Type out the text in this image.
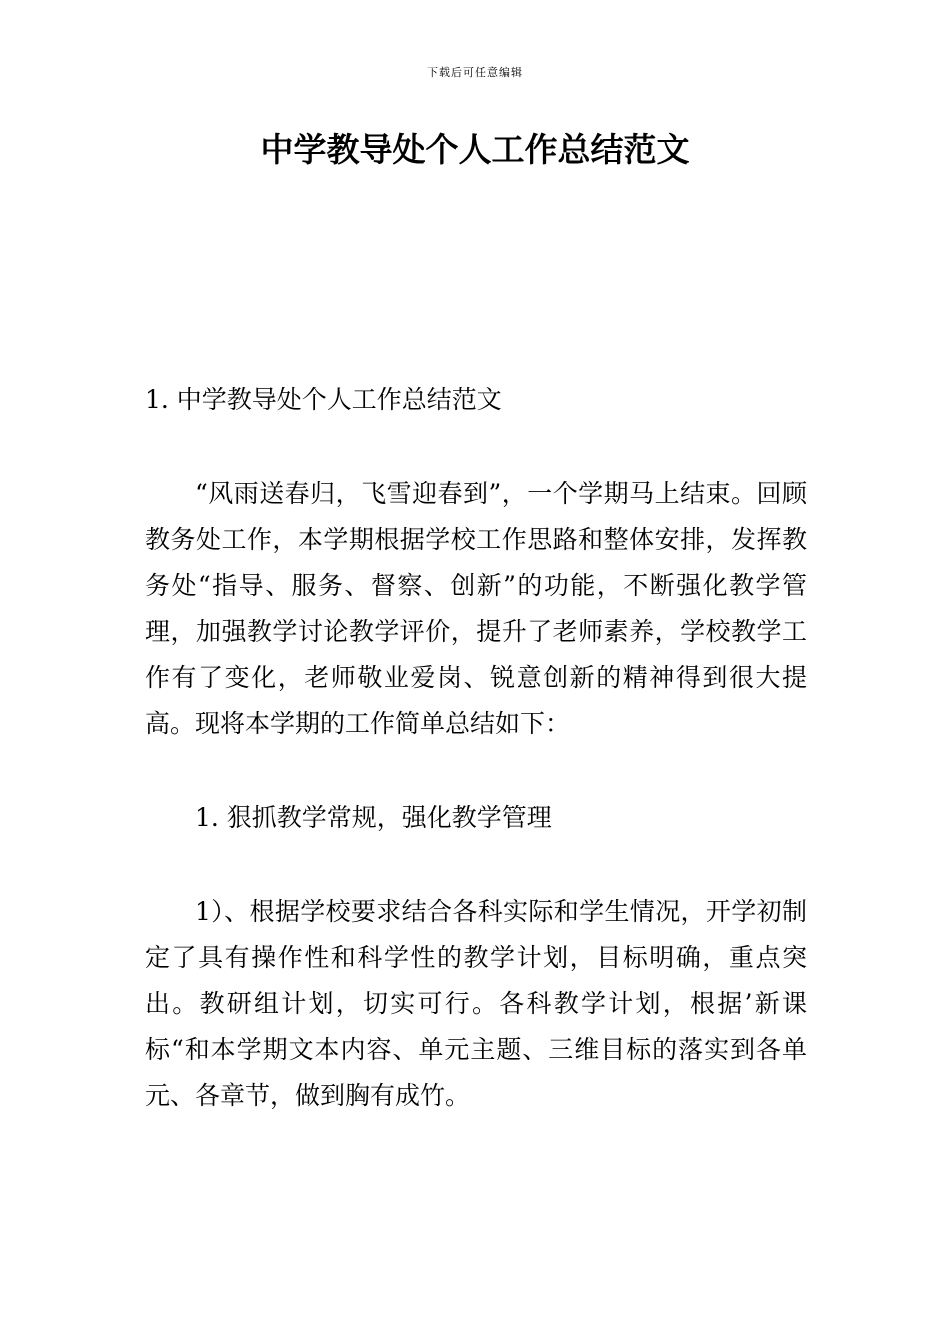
下载后可任意编辑
中学教导处个人工作总结范文

1. 中学教导处个人工作总结范文

“风雨送春归，飞雪迎春到”，一个学期马上结束。回顾教务处工作，本学期根据学校工作思路和整体安排，发挥教务处“指导、服务、督察、创新”的功能，不断强化教学管理，加强教学讨论教学评价，提升了老师素养，学校教学工作有了变化，老师敬业爱岗、锐意创新的精神得到很大提高。现将本学期的工作简单总结如下：

1. 狠抓教学常规，强化教学管理

1）、根据学校要求结合各科实际和学生情况，开学初制定了具有操作性和科学性的教学计划，目标明确，重点突出。教研组计划，切实可行。各科教学计划，根据’新课标“和本学期文本内容、单元主题、三维目标的落实到各单元、各章节，做到胸有成竹。
